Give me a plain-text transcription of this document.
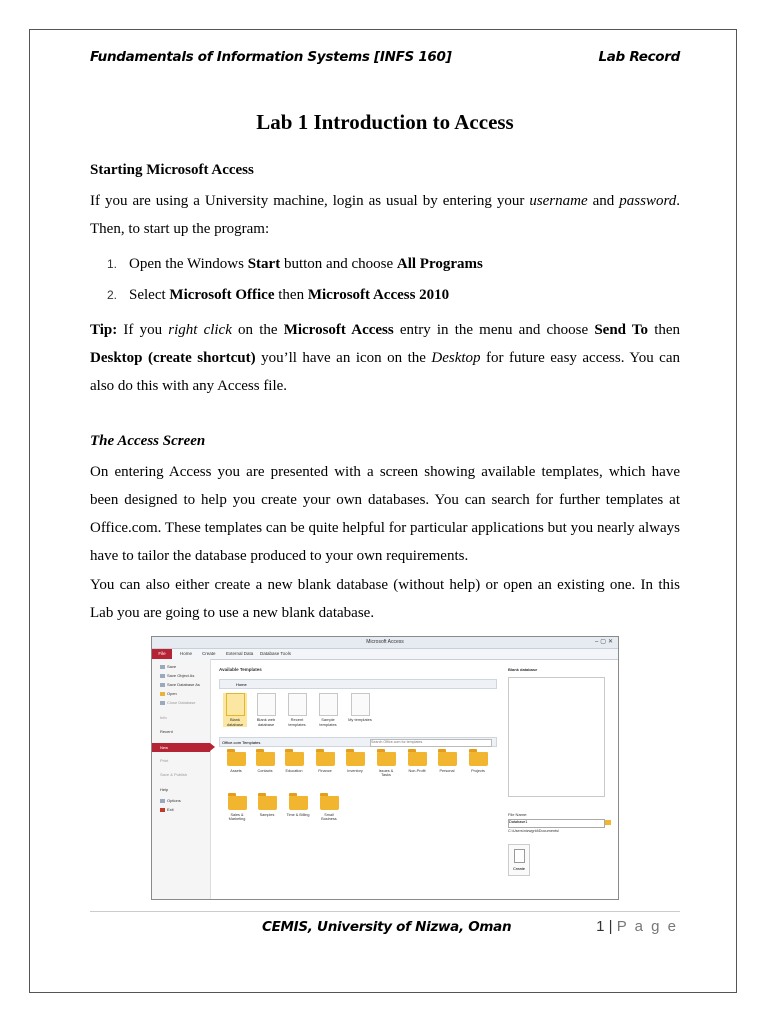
Fundamentals of Information Systems [INFS 160]	Lab Record
Lab 1 Introduction to Access
Starting Microsoft Access
If you are using a University machine, login as usual by entering your username and password. Then, to start up the program:
1. Open the Windows Start button and choose All Programs
2. Select Microsoft Office then Microsoft Access 2010
Tip: If you right click on the Microsoft Access entry in the menu and choose Send To then Desktop (create shortcut) you’ll have an icon on the Desktop for future easy access. You can also do this with any Access file.
The Access Screen
On entering Access you are presented with a screen showing available templates, which have been designed to help you create your own databases. You can search for further templates at Office.com. These templates can be quite helpful for particular applications but you nearly always have to tailor the database produced to your own requirements.
You can also either create a new blank database (without help) or open an existing one. In this Lab you are going to use a new blank database.
Microsoft Access	–▢✕
File	Home Create External Data Database Tools
Save
Save Object As
Save Database As
Open
Close Database
Info
Recent
New
Print
Save & Publish
Help
Options
Exit
Available Templates
Home
Blank database
Blank web database
Recent templates
Sample templates
My templates
Office.com Templates	Search Office.com for templates
Assets	Contacts	Education	Finance	Inventory	Issues & Tasks
Non-Profit	Personal	Projects
Sales & Marketing
Samples	Time & Billing	Small Business
Blank database
File Name:
Database1
C:\Users\nizwgrid\Documents\
Create
CEMIS, University of Nizwa, Oman	1 | P a g e
